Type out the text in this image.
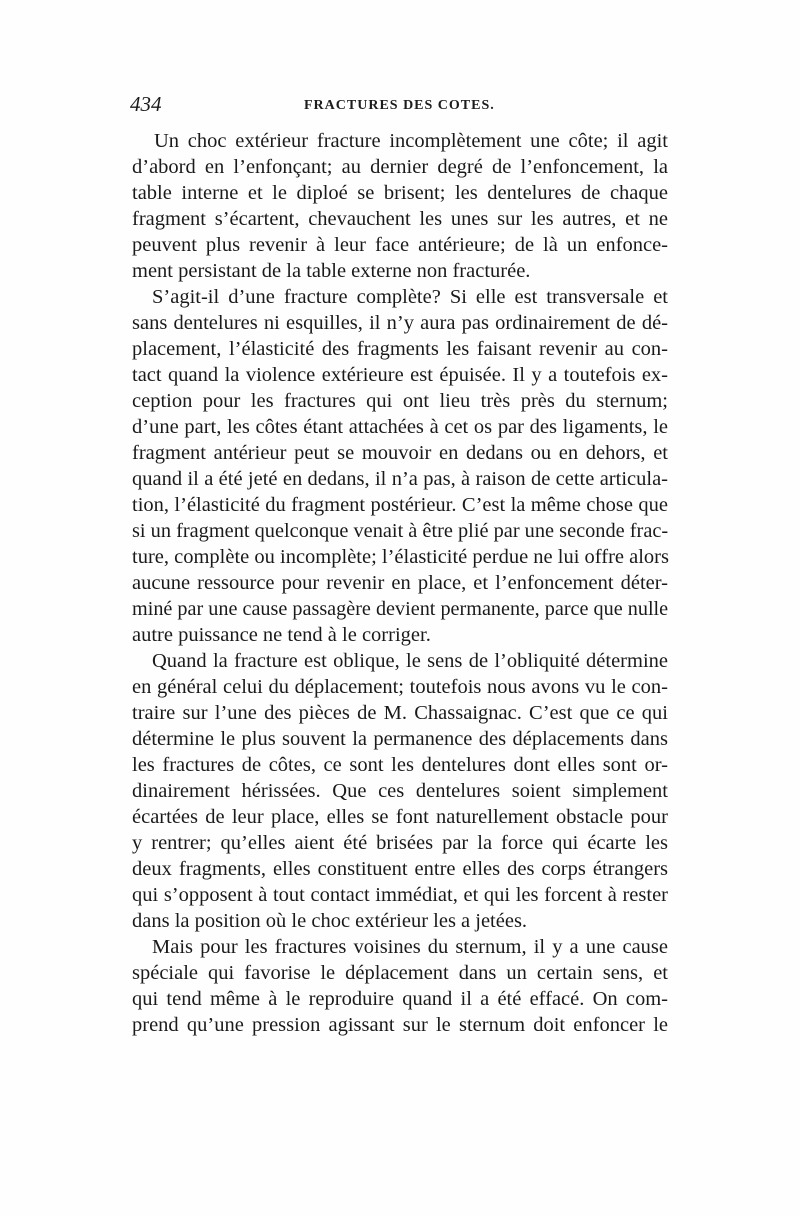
434	FRACTURES DES COTES.
Un choc extérieur fracture incomplètement une côte; il agit
d’abord en l’enfonçant; au dernier degré de l’enfoncement, la
table interne et le diploé se brisent; les dentelures de chaque
fragment s’écartent, chevauchent les unes sur les autres, et ne
peuvent plus revenir à leur face antérieure; de là un enfonce-
ment persistant de la table externe non fracturée.
S’agit-il d’une fracture complète? Si elle est transversale et
sans dentelures ni esquilles, il n’y aura pas ordinairement de dé-
placement, l’élasticité des fragments les faisant revenir au con-
tact quand la violence extérieure est épuisée. Il y a toutefois ex-
ception pour les fractures qui ont lieu très près du sternum;
d’une part, les côtes étant attachées à cet os par des ligaments, le
fragment antérieur peut se mouvoir en dedans ou en dehors, et
quand il a été jeté en dedans, il n’a pas, à raison de cette articula-
tion, l’élasticité du fragment postérieur. C’est la même chose que
si un fragment quelconque venait à être plié par une seconde frac-
ture, complète ou incomplète; l’élasticité perdue ne lui offre alors
aucune ressource pour revenir en place, et l’enfoncement déter-
miné par une cause passagère devient permanente, parce que nulle
autre puissance ne tend à le corriger.
Quand la fracture est oblique, le sens de l’obliquité détermine
en général celui du déplacement; toutefois nous avons vu le con-
traire sur l’une des pièces de M. Chassaignac. C’est que ce qui
détermine le plus souvent la permanence des déplacements dans
les fractures de côtes, ce sont les dentelures dont elles sont or-
dinairement hérissées. Que ces dentelures soient simplement
écartées de leur place, elles se font naturellement obstacle pour
y rentrer; qu’elles aient été brisées par la force qui écarte les
deux fragments, elles constituent entre elles des corps étrangers
qui s’opposent à tout contact immédiat, et qui les forcent à rester
dans la position où le choc extérieur les a jetées.
Mais pour les fractures voisines du sternum, il y a une cause
spéciale qui favorise le déplacement dans un certain sens, et
qui tend même à le reproduire quand il a été effacé. On com-
prend qu’une pression agissant sur le sternum doit enfoncer le
